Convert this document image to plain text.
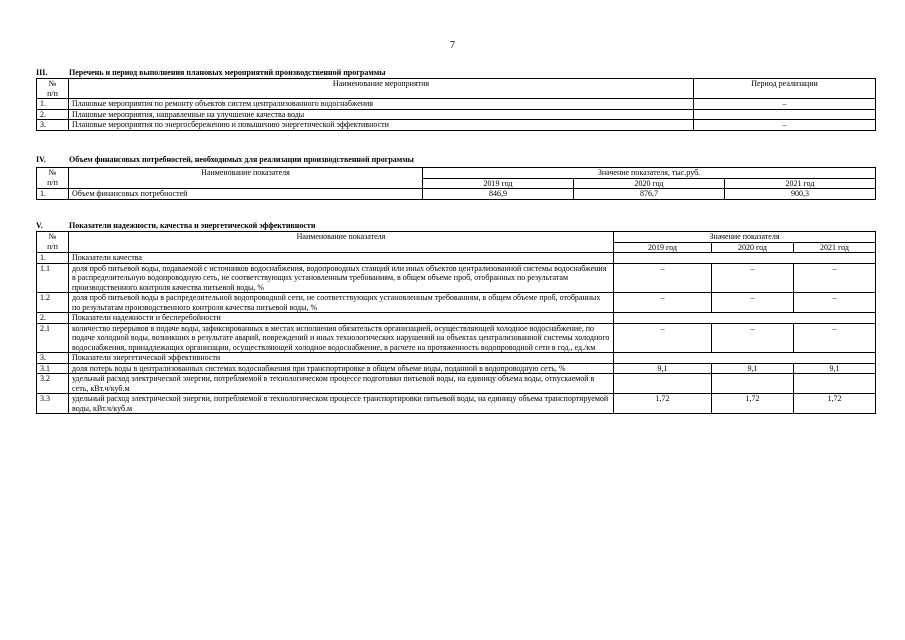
7
III.	Перечень и период выполнения плановых мероприятий производственной программы
№
п/п	Наименование мероприятия	Период реализации
1.	Плановые мероприятия по ремонту объектов систем централизованного водоснабжения	–
2.	Плановые мероприятия, направленные на улучшение качества воды	
3.	Плановые мероприятия по энергосбережению и повышению энергетической эффективности	–
IV.	Объем финансовых потребностей, необходимых для реализации производственной программы
№
п/п	Наименование показателя	Значение показателя, тыс.руб.		
		2019 год	2020 год	2021 год
1.	Объем финансовых потребностей	846,9	876,7	900,3
V.	Показатели надежности, качества и энергетической эффективности
№
п/п	Наименование показателя	Значение показателя		
		2019 год	2020 год	2021 год
1.	Показатели качества			
1.1	доля проб питьевой воды, подаваемой с источников водоснабжения, водопроводных станций или иных объектов централизованной системы водоснабжения в распределительную водопроводную сеть, не соответствующих установленным требованиям, в общем объеме проб, отобранных по результатам производственного контроля качества питьевой воды, %	–	–	–
1.2	доля проб питьевой воды в распределительной водопроводной сети, не соответствующих установленным требованиям, в общем объеме проб, отобранных по результатам производственного контроля качества питьевой воды, %	–	–	–
2.	Показатели надежности и бесперебойности			
2.1	количество перерывов в подаче воды, зафиксированных в местах исполнения обязательств организацией, осуществляющей холодное водоснабжение, по подаче холодной воды, возникших в результате аварий, повреждений и иных технологических нарушений на объектах централизованной системы холодного водоснабжения, принадлежащих организации, осуществляющей холодное водоснабжение, в расчете на протяженность водопроводной сети в год., ед./км	–	–	–
3.	Показатели энергетической эффективности			
3.1	доля потерь воды в централизованных системах водоснабжения при транспортировке в общем объеме воды, поданной в водопроводную сеть, %	9,1	9,1	9,1
3.2	удельный расход электрической энергии, потребляемой в технологическом процессе подготовки питьевой воды, на единицу объема воды, отпускаемой в сеть, кВт.ч/куб.м			
3.3	удельный расход электрической энергии, потребляемой в технологическом процессе транспортировки питьевой воды, на единицу объема транспортируемой воды, кВт.ч/куб.м	1,72	1,72	1,72
